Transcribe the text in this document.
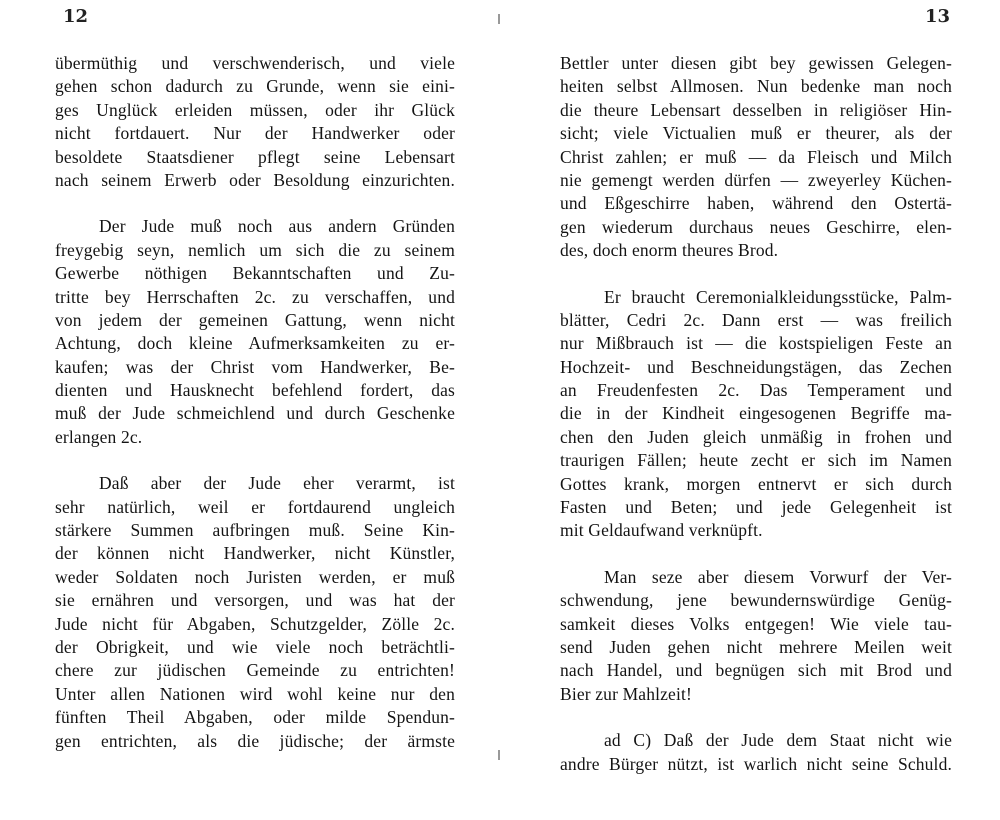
12
übermüthig und verschwenderisch, und viele
gehen schon dadurch zu Grunde, wenn sie eini-
ges Unglück erleiden müssen, oder ihr Glück
nicht fortdauert. Nur der Handwerker oder
besoldete Staatsdiener pflegt seine Lebensart
nach seinem Erwerb oder Besoldung einzurichten.
Der Jude muß noch aus andern Gründen
freygebig seyn, nemlich um sich die zu seinem
Gewerbe nöthigen Bekanntschaften und Zu-
tritte bey Herrschaften 2c. zu verschaffen, und
von jedem der gemeinen Gattung, wenn nicht
Achtung, doch kleine Aufmerksamkeiten zu er-
kaufen; was der Christ vom Handwerker, Be-
dienten und Hausknecht befehlend fordert, das
muß der Jude schmeichlend und durch Geschenke
erlangen 2c.
Daß aber der Jude eher verarmt, ist
sehr natürlich, weil er fortdaurend ungleich
stärkere Summen aufbringen muß. Seine Kin-
der können nicht Handwerker, nicht Künstler,
weder Soldaten noch Juristen werden, er muß
sie ernähren und versorgen, und was hat der
Jude nicht für Abgaben, Schutzgelder, Zölle 2c.
der Obrigkeit, und wie viele noch beträchtli-
chere zur jüdischen Gemeinde zu entrichten!
Unter allen Nationen wird wohl keine nur den
fünften Theil Abgaben, oder milde Spendun-
gen entrichten, als die jüdische; der ärmste
13
Bettler unter diesen gibt bey gewissen Gelegen-
heiten selbst Allmosen. Nun bedenke man noch
die theure Lebensart desselben in religiöser Hin-
sicht; viele Victualien muß er theurer, als der
Christ zahlen; er muß — da Fleisch und Milch
nie gemengt werden dürfen — zweyerley Küchen-
und Eßgeschirre haben, während den Ostertä-
gen wiederum durchaus neues Geschirre, elen-
des, doch enorm theures Brod.
Er braucht Ceremonialkleidungsstücke, Palm-
blätter, Cedri 2c. Dann erst — was freilich
nur Mißbrauch ist — die kostspieligen Feste an
Hochzeit- und Beschneidungstägen, das Zechen
an Freudenfesten 2c. Das Temperament und
die in der Kindheit eingesogenen Begriffe ma-
chen den Juden gleich unmäßig in frohen und
traurigen Fällen; heute zecht er sich im Namen
Gottes krank, morgen entnervt er sich durch
Fasten und Beten; und jede Gelegenheit ist
mit Geldaufwand verknüpft.
Man seze aber diesem Vorwurf der Ver-
schwendung, jene bewundernswürdige Genüg-
samkeit dieses Volks entgegen! Wie viele tau-
send Juden gehen nicht mehrere Meilen weit
nach Handel, und begnügen sich mit Brod und
Bier zur Mahlzeit!
ad C) Daß der Jude dem Staat nicht wie
andre Bürger nützt, ist warlich nicht seine Schuld.
